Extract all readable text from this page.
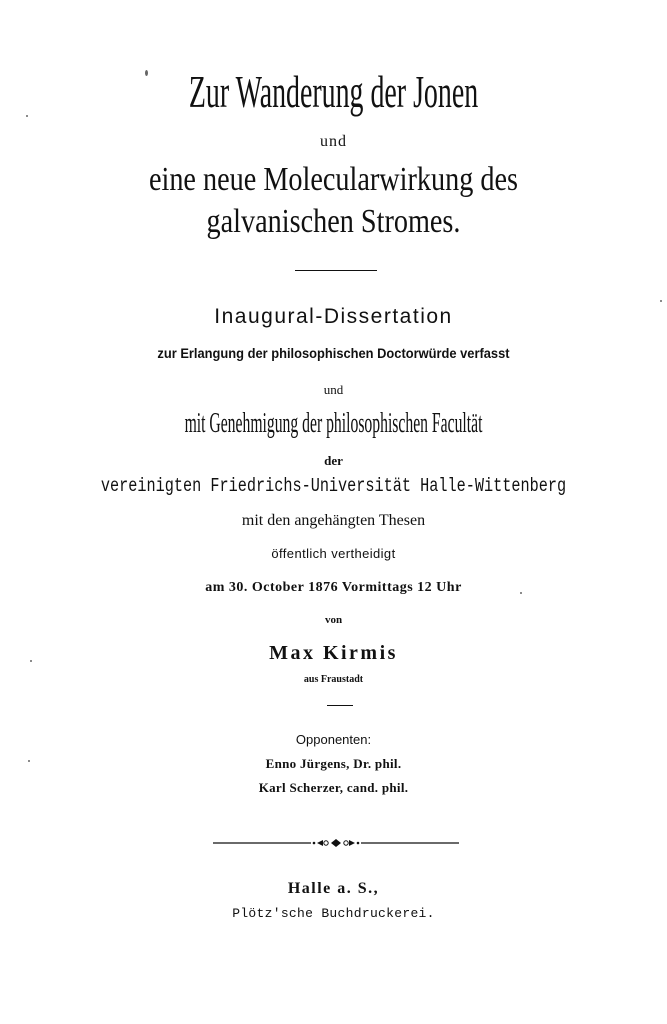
Zur Wanderung der Jonen
und
eine neue Molecularwirkung des
galvanischen Stromes.
Inaugural-Dissertation
zur Erlangung der philosophischen Doctorwürde verfasst
und
mit Genehmigung der philosophischen Facultät
der
vereinigten Friedrichs-Universität Halle-Wittenberg
mit den angehängten Thesen
öffentlich vertheidigt
am 30. October 1876 Vormittags 12 Uhr
von
Max Kirmis
aus Fraustadt
Opponenten:
Enno Jürgens, Dr. phil.
Karl Scherzer, cand. phil.
Halle a. S.,
Plötz'sche Buchdruckerei.
